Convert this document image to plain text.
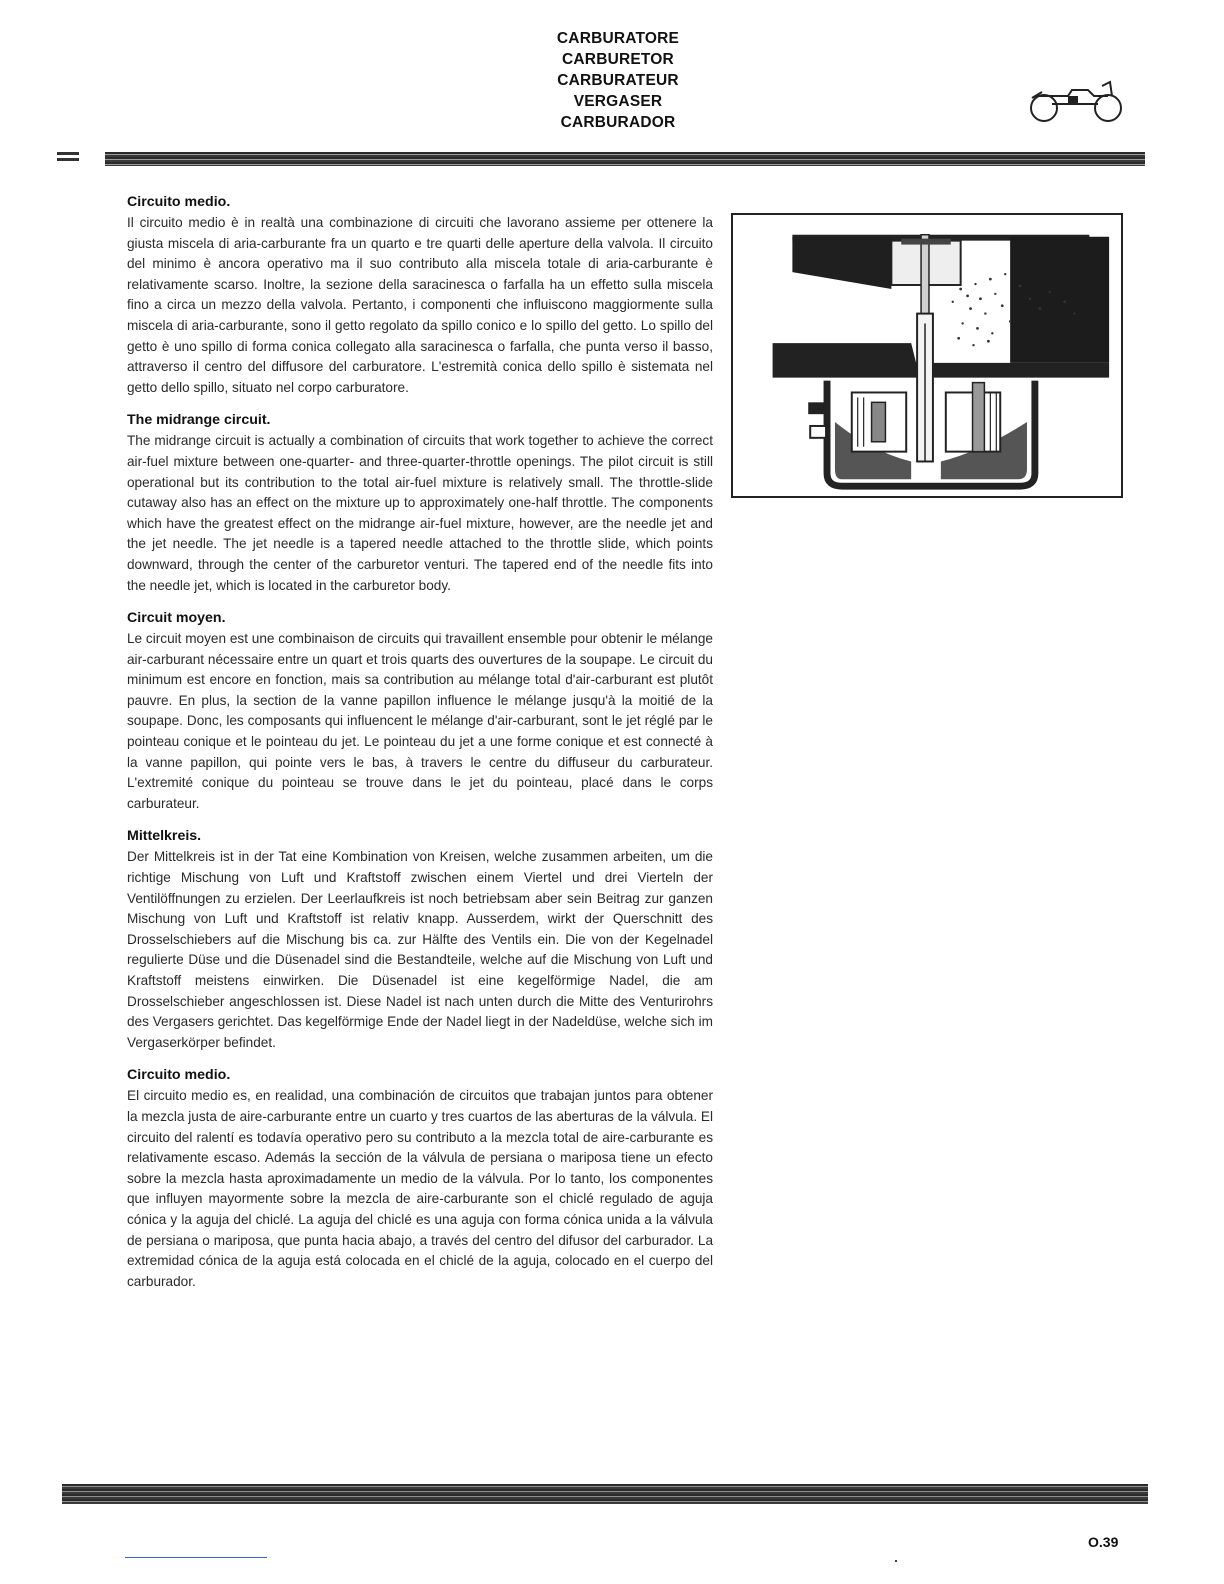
CARBURATORE
CARBURETOR
CARBURATEUR
VERGASER
CARBURADOR
Circuito medio.

Il circuito medio è in realtà una combinazione di circuiti che lavorano assieme per ottenere la giusta miscela di aria-carburante fra un quarto e tre quarti delle aperture della valvola. Il circuito del minimo è ancora operativo ma il suo contributo alla miscela totale di aria-carburante è relativamente scarso. Inoltre, la sezione della saracinesca o farfalla ha un effetto sulla miscela fino a circa un mezzo della valvola. Pertanto, i componenti che influiscono maggiormente sulla miscela di aria-carburante, sono il getto regolato da spillo conico e lo spillo del getto. Lo spillo del getto è uno spillo di forma conica collegato alla saracinesca o farfalla, che punta verso il basso, attraverso il centro del diffusore del carburatore. L'estremità conica dello spillo è sistemata nel getto dello spillo, situato nel corpo carburatore.

The midrange circuit.

The midrange circuit is actually a combination of circuits that work together to achieve the correct air-fuel mixture between one-quarter- and three-quarter-throttle openings. The pilot circuit is still operational but its contribution to the total air-fuel mixture is relatively small. The throttle-slide cutaway also has an effect on the mixture up to approximately one-half throttle. The components which have the greatest effect on the midrange air-fuel mixture, however, are the needle jet and the jet needle. The jet needle is a tapered needle attached to the throttle slide, which points downward, through the center of the carburetor venturi. The tapered end of the needle fits into the needle jet, which is located in the carburetor body.

Circuit moyen.

Le circuit moyen est une combinaison de circuits qui travaillent ensemble pour obtenir le mélange air-carburant nécessaire entre un quart et trois quarts des ouvertures de la soupape. Le circuit du minimum est encore en fonction, mais sa contribution au mélange total d'air-carburant est plutôt pauvre. En plus, la section de la vanne papillon influence le mélange jusqu'à la moitié de la soupape. Donc, les composants qui influencent le mélange d'air-carburant, sont le jet réglé par le pointeau conique et le pointeau du jet. Le pointeau du jet a une forme conique et est connecté à la vanne papillon, qui pointe vers le bas, à travers le centre du diffuseur du carburateur. L'extremité conique du pointeau se trouve dans le jet du pointeau, placé dans le corps carburateur.

Mittelkreis.

Der Mittelkreis ist in der Tat eine Kombination von Kreisen, welche zusammen arbeiten, um die richtige Mischung von Luft und Kraftstoff zwischen einem Viertel und drei Vierteln der Ventilöffnungen zu erzielen. Der Leerlaufkreis ist noch betriebsam aber sein Beitrag zur ganzen Mischung von Luft und Kraftstoff ist relativ knapp. Ausserdem, wirkt der Querschnitt des Drosselschiebers auf die Mischung bis ca. zur Hälfte des Ventils ein. Die von der Kegelnadel regulierte Düse und die Düsenadel sind die Bestandteile, welche auf die Mischung von Luft und Kraftstoff meistens einwirken. Die Düsenadel ist eine kegelförmige Nadel, die am Drosselschieber angeschlossen ist. Diese Nadel ist nach unten durch die Mitte des Venturirohrs des Vergasers gerichtet. Das kegelförmige Ende der Nadel liegt in der Nadeldüse, welche sich im Vergaserkörper befindet.

Circuito medio.

El circuito medio es, en realidad, una combinación de circuitos que trabajan juntos para obtener la mezcla justa de aire-carburante entre un cuarto y tres cuartos de las aberturas de la válvula. El circuito del ralentí es todavía operativo pero su contributo a la mezcla total de aire-carburante es relativamente escaso. Además la sección de la válvula de persiana o mariposa tiene un efecto sobre la mezcla hasta aproximadamente un medio de la válvula. Por lo tanto, los componentes que influyen mayormente sobre la mezcla de aire-carburante son el chiclé regulado de aguja cónica y la aguja del chiclé. La aguja del chiclé es una aguja con forma cónica unida a la válvula de persiana o mariposa, que punta hacia abajo, a través del centro del difusor del carburador. La extremidad cónica de la aguja está colocada en el chiclé de la aguja, colocado en el cuerpo del carburador.

O.39
